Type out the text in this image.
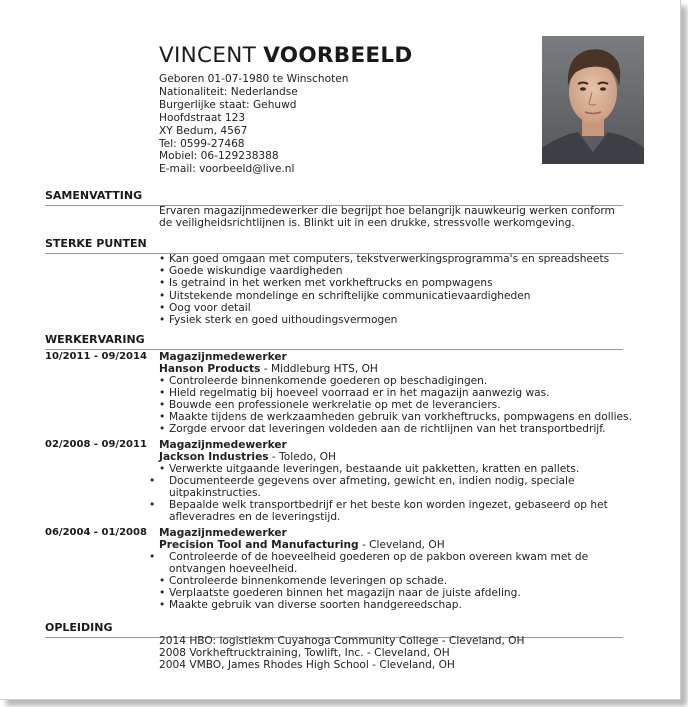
VINCENT VOORBEELD
Geboren 01-07-1980 te Winschoten
Nationaliteit: Nederlandse
Burgerlijke staat: Gehuwd
Hoofdstraat 123
XY Bedum, 4567
Tel: 0599-27468
Mobiel: 06-129238388
E-mail: voorbeeld@live.nl
SAMENVATTING
Ervaren magazijnmedewerker die begrijpt hoe belangrijk nauwkeurig werken conform de veiligheidsrichtlijnen is. Blinkt uit in een drukke, stressvolle werkomgeving.
STERKE PUNTEN
• Kan goed omgaan met computers, tekstverwerkingsprogramma's en spreadsheets
• Goede wiskundige vaardigheden
• Is getraind in het werken met vorkheftrucks en pompwagens
• Uitstekende mondelinge en schriftelijke communicatievaardigheden
• Oog voor detail
• Fysiek sterk en goed uithoudingsvermogen
WERKERVARING
10/2011 - 09/2014 Magazijnmedewerker
Hanson Products - Middleburg HTS, OH
• Controleerde binnenkomende goederen op beschadigingen.
• Hield regelmatig bij hoeveel voorraad er in het magazijn aanwezig was.
• Bouwde een professionele werkrelatie op met de leveranciers.
• Maakte tijdens de werkzaamheden gebruik van vorkheftrucks, pompwagens en dollies.
• Zorgde ervoor dat leveringen voldeden aan de richtlijnen van het transportbedrijf.
02/2008 - 09/2011 Magazijnmedewerker
Jackson Industries - Toledo, OH
• Verwerkte uitgaande leveringen, bestaande uit pakketten, kratten en pallets.
• Documenteerde gegevens over afmeting, gewicht en, indien nodig, speciale uitpakinstructies.
• Bepaalde welk transportbedrijf er het beste kon worden ingezet, gebaseerd op het afleveradres en de leveringstijd.
06/2004 - 01/2008 Magazijnmedewerker
Precision Tool and Manufacturing - Cleveland, OH
• Controleerde of de hoeveelheid goederen op de pakbon overeen kwam met de ontvangen hoeveelheid.
• Controleerde binnenkomende leveringen op schade.
• Verplaatste goederen binnen het magazijn naar de juiste afdeling.
• Maakte gebruik van diverse soorten handgereedschap.
OPLEIDING
2014 HBO: logistiekm Cuyahoga Community College - Cleveland, OH
2008 Vorkheftrucktraining, Towlift, Inc. - Cleveland, OH
2004 VMBO, James Rhodes High School - Cleveland, OH
